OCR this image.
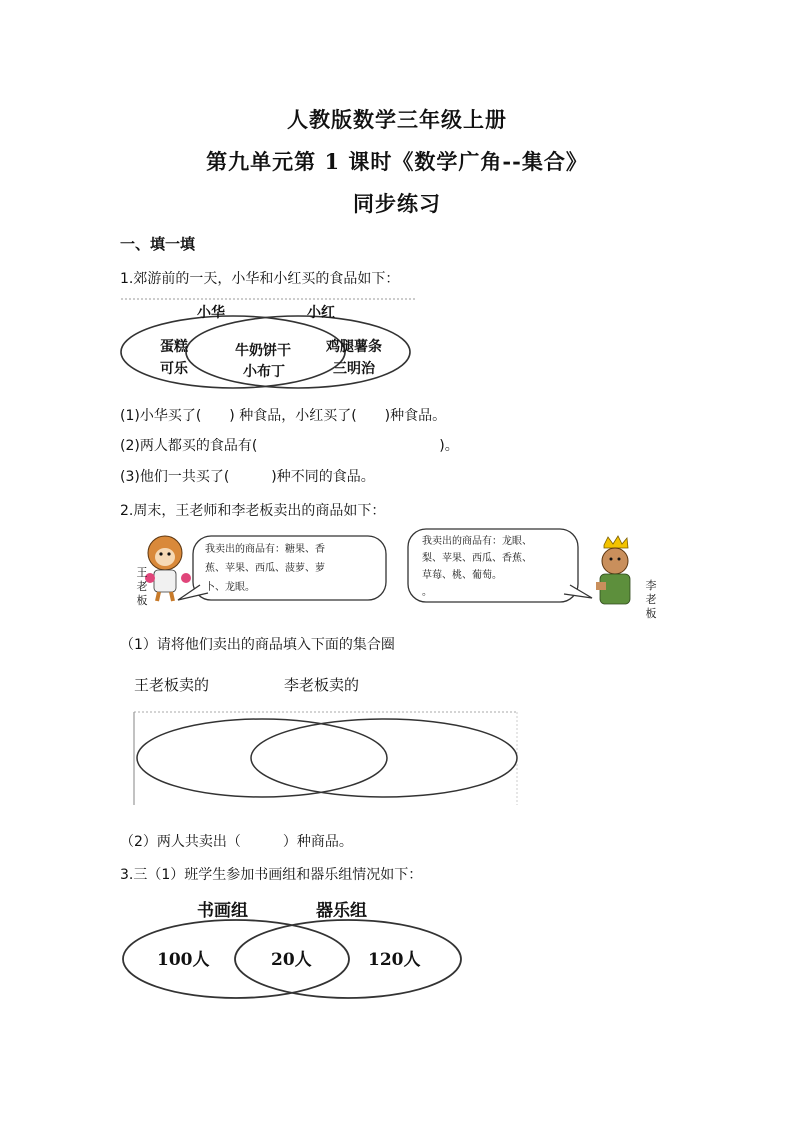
人教版数学三年级上册
第九单元第 1 课时《数学广角--集合》
同步练习
一、填一填
1.郊游前的一天，小华和小红买的食品如下：
小华	小红
蛋糕
可乐
牛奶饼干
小布丁
鸡腿薯条
三明治
(1)小华买了(　　) 种食品，小红买了(　　)种食品。
(2)两人都买的食品有(　　　　　　　　　　　　　)。
(3)他们一共买了(　　　)种不同的食品。
2.周末，王老师和李老板卖出的商品如下：
王老板
李老板
我卖出的商品有：糖果、香
蕉、苹果、西瓜、菠萝、萝
卜、龙眼。
我卖出的商品有：龙眼、
梨、苹果、西瓜、香蕉、
草莓、桃、葡萄。
。
（1）请将他们卖出的商品填入下面的集合圈
王老板卖的	李老板卖的
（2）两人共卖出（　　　）种商品。
3.三（1）班学生参加书画组和器乐组情况如下：
书画组	器乐组
100人	20人	120人
